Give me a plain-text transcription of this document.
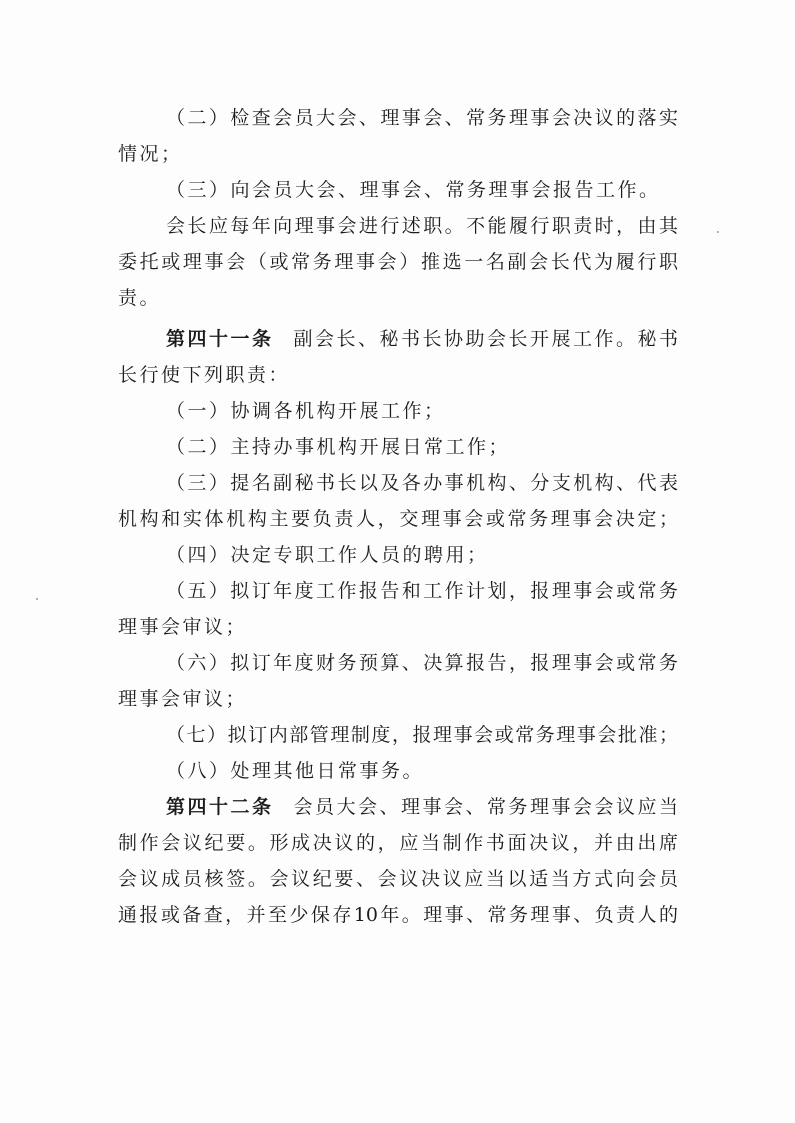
（二）检查会员大会、理事会、常务理事会决议的落实
情况；
（三）向会员大会、理事会、常务理事会报告工作。
会长应每年向理事会进行述职。不能履行职责时，由其
委托或理事会（或常务理事会）推选一名副会长代为履行职
责。
第四十一条 副会长、秘书长协助会长开展工作。秘书
长行使下列职责：
（一）协调各机构开展工作；
（二）主持办事机构开展日常工作；
（三）提名副秘书长以及各办事机构、分支机构、代表
机构和实体机构主要负责人，交理事会或常务理事会决定；
（四）决定专职工作人员的聘用；
（五）拟订年度工作报告和工作计划，报理事会或常务
理事会审议；
（六）拟订年度财务预算、决算报告，报理事会或常务
理事会审议；
（七）拟订内部管理制度，报理事会或常务理事会批准；
（八）处理其他日常事务。
第四十二条 会员大会、理事会、常务理事会会议应当
制作会议纪要。形成决议的，应当制作书面决议，并由出席
会议成员核签。会议纪要、会议决议应当以适当方式向会员
通报或备查，并至少保存10年。理事、常务理事、负责人的
